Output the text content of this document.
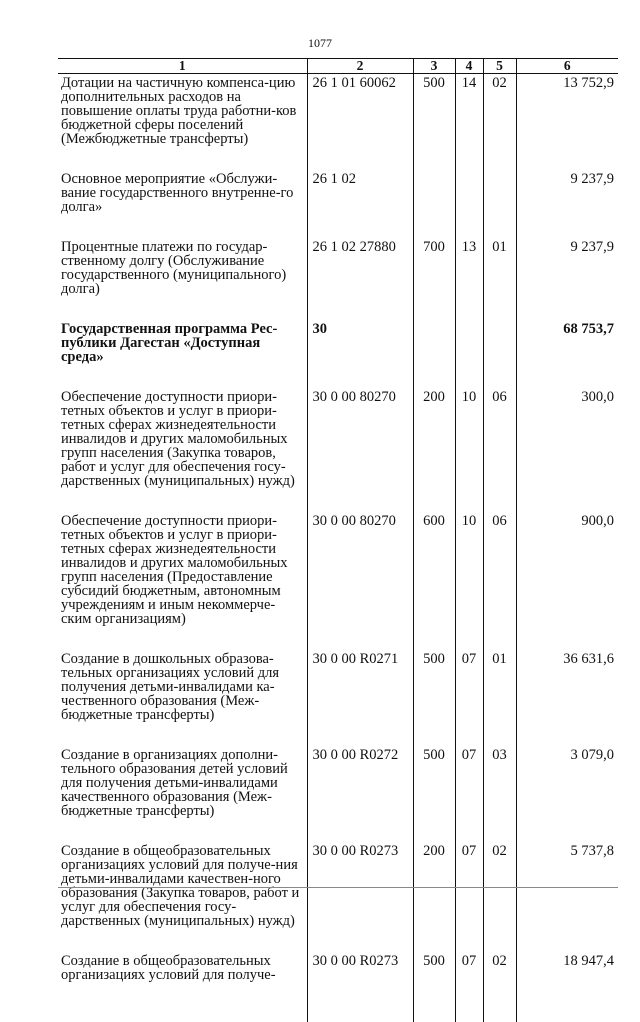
1077
1	2	3	4	5	6
Дотации на частичную компенса-цию дополнительных расходов на повышение оплаты труда работни-ков бюджетной сферы поселений (Межбюджетные трансферты)	26 1 01 60062	500	14	02	13 752,9
Основное мероприятие «Обслужи-вание государственного внутренне-го долга»	26 1 02				9 237,9
Процентные платежи по государ-ственному долгу (Обслуживание государственного (муниципального) долга)	26 1 02 27880	700	13	01	9 237,9
Государственная программа Рес-публики Дагестан «Доступная среда»	30				68 753,7
Обеспечение доступности приори-тетных объектов и услуг в приори-тетных сферах жизнедеятельности инвалидов и других маломобильных групп населения (Закупка товаров, работ и услуг для обеспечения госу-дарственных (муниципальных) нужд)	30 0 00 80270	200	10	06	300,0
Обеспечение доступности приори-тетных объектов и услуг в приори-тетных сферах жизнедеятельности инвалидов и других маломобильных групп населения (Предоставление субсидий бюджетным, автономным учреждениям и иным некоммерче-ским организациям)	30 0 00 80270	600	10	06	900,0
Создание в дошкольных образова-тельных организациях условий для получения детьми-инвалидами ка-чественного образования (Меж-бюджетные трансферты)	30 0 00 R0271	500	07	01	36 631,6
Создание в организациях дополни-тельного образования детей условий для получения детьми-инвалидами качественного образования (Меж-бюджетные трансферты)	30 0 00 R0272	500	07	03	3 079,0
Создание в общеобразовательных организациях условий для получе-ния детьми-инвалидами качествен-ного образования (Закупка товаров, работ и услуг для обеспечения госу-дарственных (муниципальных) нужд)	30 0 00 R0273	200	07	02	5 737,8
Создание в общеобразовательных организациях условий для получе-	30 0 00 R0273	500	07	02	18 947,4
